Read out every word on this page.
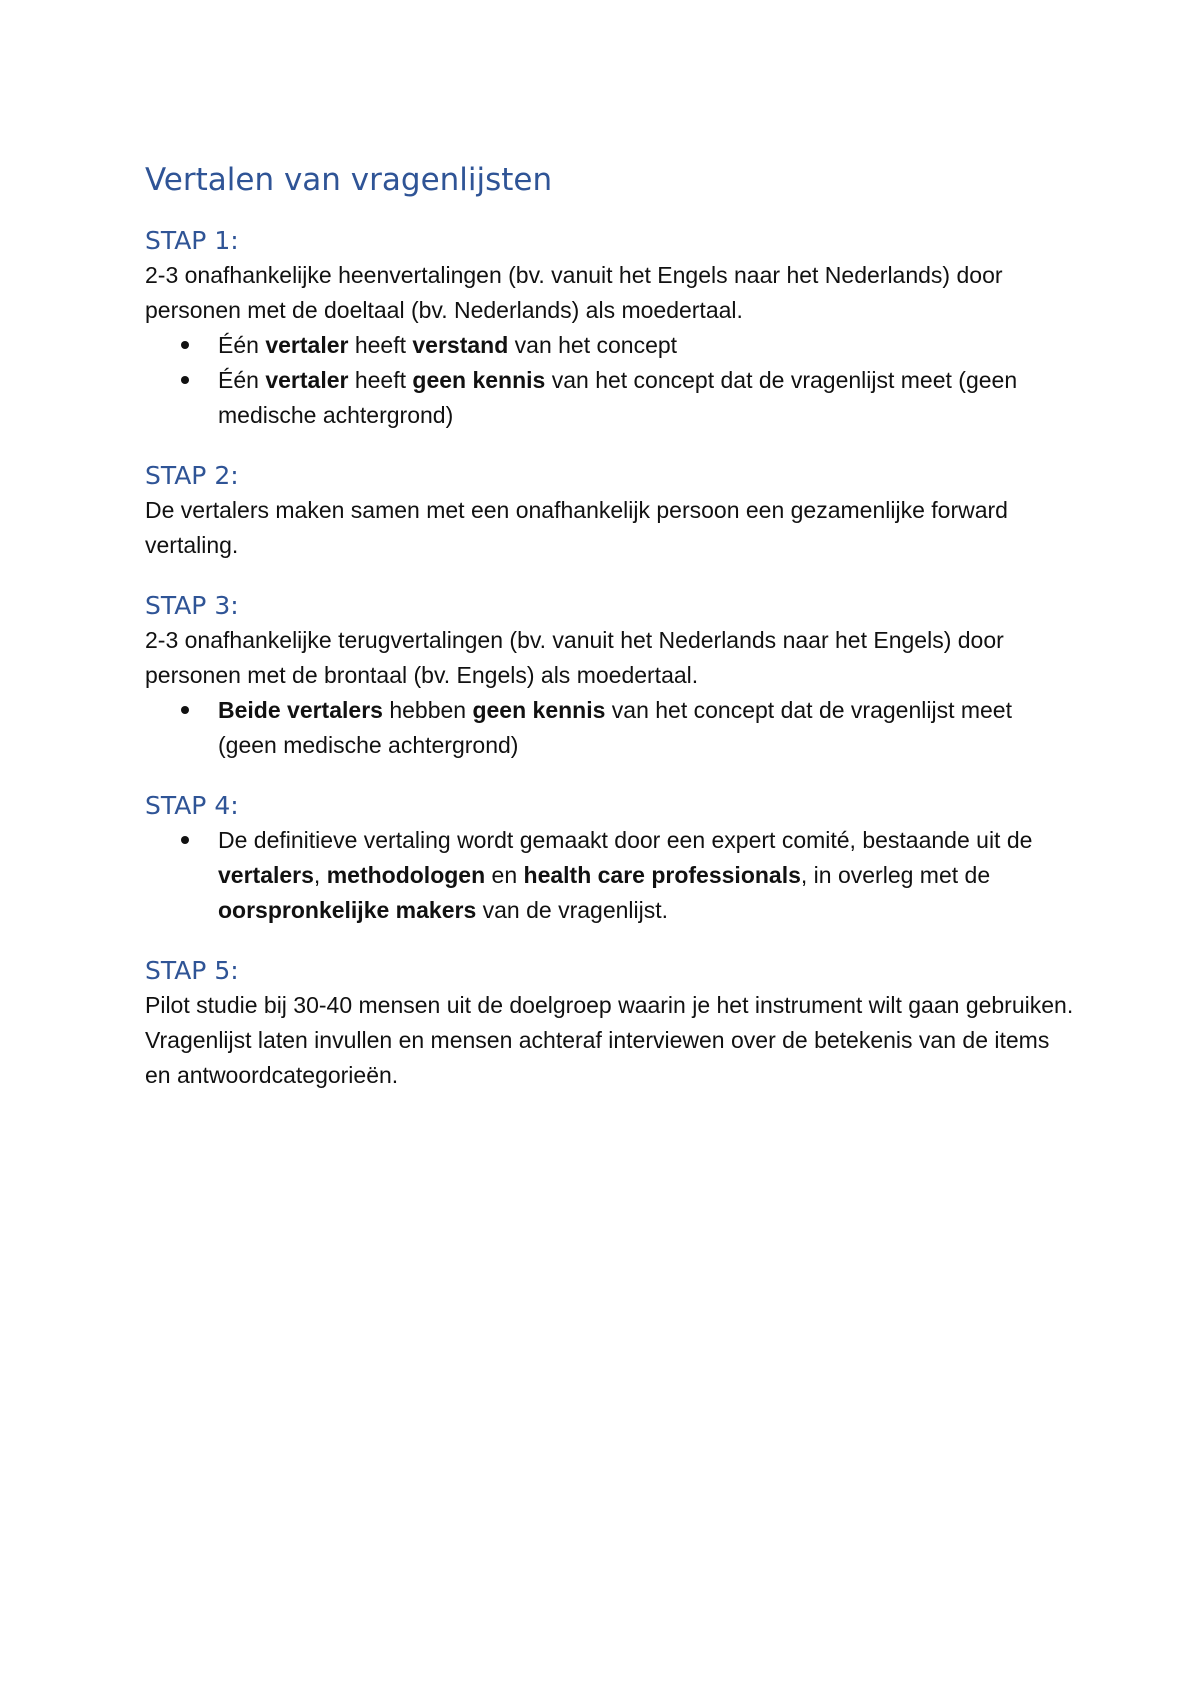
Vertalen van vragenlijsten
STAP 1:

2-3 onafhankelijke heenvertalingen (bv. vanuit het Engels naar het Nederlands) door personen met de doeltaal (bv. Nederlands) als moedertaal.

Één vertaler heeft verstand van het concept
Één vertaler heeft geen kennis van het concept dat de vragenlijst meet (geen medische achtergrond)
STAP 2:

De vertalers maken samen met een onafhankelijk persoon een gezamenlijke forward vertaling.

STAP 3:

2-3 onafhankelijke terugvertalingen (bv. vanuit het Nederlands naar het Engels) door personen met de brontaal (bv. Engels) als moedertaal.

Beide vertalers hebben geen kennis van het concept dat de vragenlijst meet (geen medische achtergrond)
STAP 4:
De definitieve vertaling wordt gemaakt door een expert comité, bestaande uit de vertalers, methodologen en health care professionals, in overleg met de oorspronkelijke makers van de vragenlijst.
STAP 5:

Pilot studie bij 30-40 mensen uit de doelgroep waarin je het instrument wilt gaan gebruiken. Vragenlijst laten invullen en mensen achteraf interviewen over de betekenis van de items en antwoordcategorieën.
